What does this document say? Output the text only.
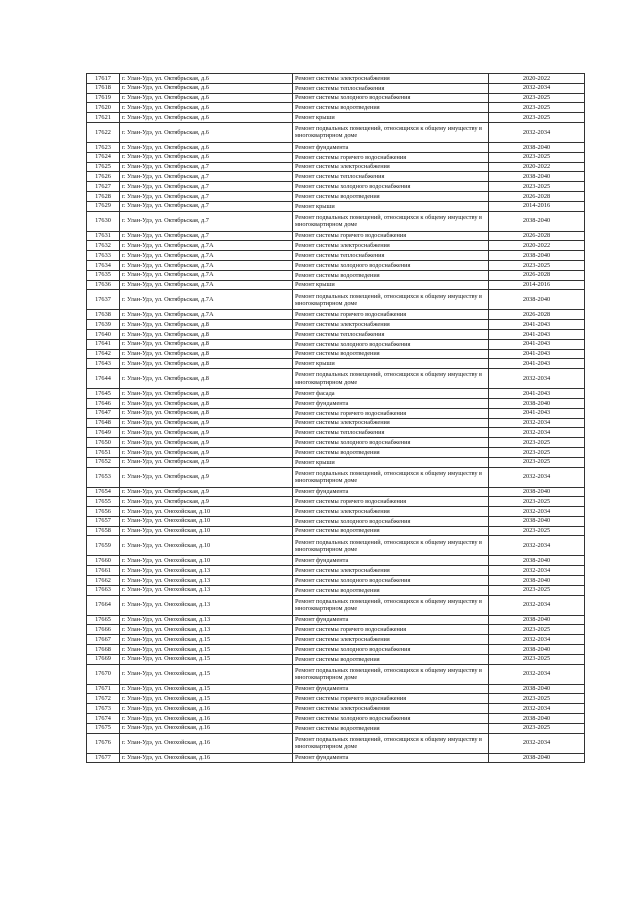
17617	г. Улан-Удэ, ул. Октябрьская, д.6	Ремонт системы электроснабжения	2020-2022
17618	г. Улан-Удэ, ул. Октябрьская, д.6	Ремонт системы теплоснабжения	2032-2034
17619	г. Улан-Удэ, ул. Октябрьская, д.6	Ремонт системы холодного водоснабжения	2023-2025
17620	г. Улан-Удэ, ул. Октябрьская, д.6	Ремонт системы водоотведения	2023-2025
17621	г. Улан-Удэ, ул. Октябрьская, д.6	Ремонт крыши	2023-2025
17622	г. Улан-Удэ, ул. Октябрьская, д.6	Ремонт подвальных помещений, относящихся к общему имуществу в многоквартирном доме	2032-2034
17623	г. Улан-Удэ, ул. Октябрьская, д.6	Ремонт фундамента	2038-2040
17624	г. Улан-Удэ, ул. Октябрьская, д.6	Ремонт системы горячего водоснабжения	2023-2025
17625	г. Улан-Удэ, ул. Октябрьская, д.7	Ремонт системы электроснабжения	2020-2022
17626	г. Улан-Удэ, ул. Октябрьская, д.7	Ремонт системы теплоснабжения	2038-2040
17627	г. Улан-Удэ, ул. Октябрьская, д.7	Ремонт системы холодного водоснабжения	2023-2025
17628	г. Улан-Удэ, ул. Октябрьская, д.7	Ремонт системы водоотведения	2026-2028
17629	г. Улан-Удэ, ул. Октябрьская, д.7	Ремонт крыши	2014-2016
17630	г. Улан-Удэ, ул. Октябрьская, д.7	Ремонт подвальных помещений, относящихся к общему имуществу в многоквартирном доме	2038-2040
17631	г. Улан-Удэ, ул. Октябрьская, д.7	Ремонт системы горячего водоснабжения	2026-2028
17632	г. Улан-Удэ, ул. Октябрьская, д.7А	Ремонт системы электроснабжения	2020-2022
17633	г. Улан-Удэ, ул. Октябрьская, д.7А	Ремонт системы теплоснабжения	2038-2040
17634	г. Улан-Удэ, ул. Октябрьская, д.7А	Ремонт системы холодного водоснабжения	2023-2025
17635	г. Улан-Удэ, ул. Октябрьская, д.7А	Ремонт системы водоотведения	2026-2028
17636	г. Улан-Удэ, ул. Октябрьская, д.7А	Ремонт крыши	2014-2016
17637	г. Улан-Удэ, ул. Октябрьская, д.7А	Ремонт подвальных помещений, относящихся к общему имуществу в многоквартирном доме	2038-2040
17638	г. Улан-Удэ, ул. Октябрьская, д.7А	Ремонт системы горячего водоснабжения	2026-2028
17639	г. Улан-Удэ, ул. Октябрьская, д.8	Ремонт системы электроснабжения	2041-2043
17640	г. Улан-Удэ, ул. Октябрьская, д.8	Ремонт системы теплоснабжения	2041-2043
17641	г. Улан-Удэ, ул. Октябрьская, д.8	Ремонт системы холодного водоснабжения	2041-2043
17642	г. Улан-Удэ, ул. Октябрьская, д.8	Ремонт системы водоотведения	2041-2043
17643	г. Улан-Удэ, ул. Октябрьская, д.8	Ремонт крыши	2041-2043
17644	г. Улан-Удэ, ул. Октябрьская, д.8	Ремонт подвальных помещений, относящихся к общему имуществу в многоквартирном доме	2032-2034
17645	г. Улан-Удэ, ул. Октябрьская, д.8	Ремонт фасада	2041-2043
17646	г. Улан-Удэ, ул. Октябрьская, д.8	Ремонт фундамента	2038-2040
17647	г. Улан-Удэ, ул. Октябрьская, д.8	Ремонт системы горячего водоснабжения	2041-2043
17648	г. Улан-Удэ, ул. Октябрьская, д.9	Ремонт системы электроснабжения	2032-2034
17649	г. Улан-Удэ, ул. Октябрьская, д.9	Ремонт системы теплоснабжения	2032-2034
17650	г. Улан-Удэ, ул. Октябрьская, д.9	Ремонт системы холодного водоснабжения	2023-2025
17651	г. Улан-Удэ, ул. Октябрьская, д.9	Ремонт системы водоотведения	2023-2025
17652	г. Улан-Удэ, ул. Октябрьская, д.9	Ремонт крыши	2023-2025
17653	г. Улан-Удэ, ул. Октябрьская, д.9	Ремонт подвальных помещений, относящихся к общему имуществу в многоквартирном доме	2032-2034
17654	г. Улан-Удэ, ул. Октябрьская, д.9	Ремонт фундамента	2038-2040
17655	г. Улан-Удэ, ул. Октябрьская, д.9	Ремонт системы горячего водоснабжения	2023-2025
17656	г. Улан-Удэ, ул. Онохойская, д.10	Ремонт системы электроснабжения	2032-2034
17657	г. Улан-Удэ, ул. Онохойская, д.10	Ремонт системы холодного водоснабжения	2038-2040
17658	г. Улан-Удэ, ул. Онохойская, д.10	Ремонт системы водоотведения	2023-2025
17659	г. Улан-Удэ, ул. Онохойская, д.10	Ремонт подвальных помещений, относящихся к общему имуществу в многоквартирном доме	2032-2034
17660	г. Улан-Удэ, ул. Онохойская, д.10	Ремонт фундамента	2038-2040
17661	г. Улан-Удэ, ул. Онохойская, д.13	Ремонт системы электроснабжения	2032-2034
17662	г. Улан-Удэ, ул. Онохойская, д.13	Ремонт системы холодного водоснабжения	2038-2040
17663	г. Улан-Удэ, ул. Онохойская, д.13	Ремонт системы водоотведения	2023-2025
17664	г. Улан-Удэ, ул. Онохойская, д.13	Ремонт подвальных помещений, относящихся к общему имуществу в многоквартирном доме	2032-2034
17665	г. Улан-Удэ, ул. Онохойская, д.13	Ремонт фундамента	2038-2040
17666	г. Улан-Удэ, ул. Онохойская, д.13	Ремонт системы горячего водоснабжения	2023-2025
17667	г. Улан-Удэ, ул. Онохойская, д.15	Ремонт системы электроснабжения	2032-2034
17668	г. Улан-Удэ, ул. Онохойская, д.15	Ремонт системы холодного водоснабжения	2038-2040
17669	г. Улан-Удэ, ул. Онохойская, д.15	Ремонт системы водоотведения	2023-2025
17670	г. Улан-Удэ, ул. Онохойская, д.15	Ремонт подвальных помещений, относящихся к общему имуществу в многоквартирном доме	2032-2034
17671	г. Улан-Удэ, ул. Онохойская, д.15	Ремонт фундамента	2038-2040
17672	г. Улан-Удэ, ул. Онохойская, д.15	Ремонт системы горячего водоснабжения	2023-2025
17673	г. Улан-Удэ, ул. Онохойская, д.16	Ремонт системы электроснабжения	2032-2034
17674	г. Улан-Удэ, ул. Онохойская, д.16	Ремонт системы холодного водоснабжения	2038-2040
17675	г. Улан-Удэ, ул. Онохойская, д.16	Ремонт системы водоотведения	2023-2025
17676	г. Улан-Удэ, ул. Онохойская, д.16	Ремонт подвальных помещений, относящихся к общему имуществу в многоквартирном доме	2032-2034
17677	г. Улан-Удэ, ул. Онохойская, д.16	Ремонт фундамента	2038-2040
